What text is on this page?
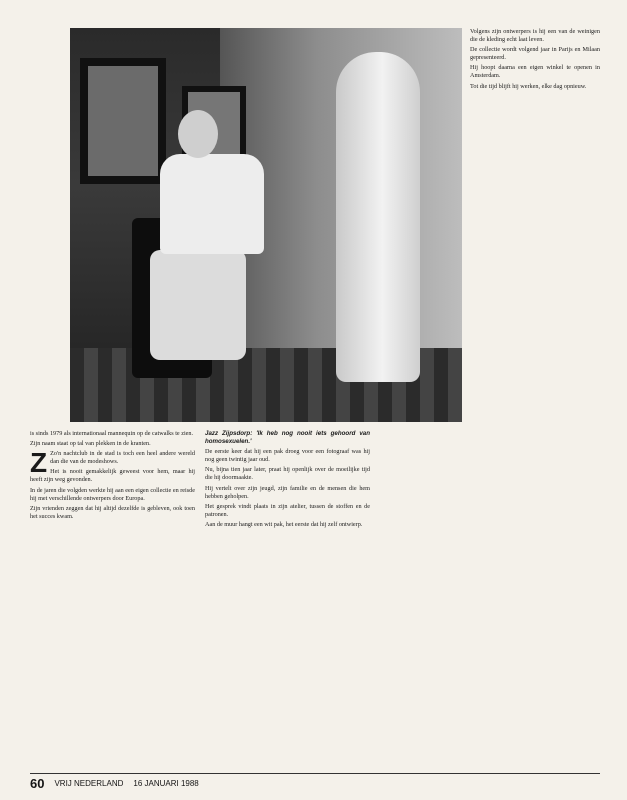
is sinds 1979 als internationaal mannequin op de catwalks te zien.

Zijn naam staat op tal van plekken in de kranten.

Z Zo'n nachtclub in de stad is toch een heel andere wereld dan die van de modeshows.

Het is nooit gemakkelijk geweest voor hem, maar hij heeft zijn weg gevonden.

In de jaren die volgden werkte hij aan een eigen collectie en reisde hij met verschillende ontwerpers door Europa.

Zijn vrienden zeggen dat hij altijd dezelfde is gebleven, ook toen het succes kwam.

Jazz Zijpsdorp: 'Ik heb nog nooit iets gehoord van homosexuelen.'

De eerste keer dat hij een pak droeg voor een fotograaf was hij nog geen twintig jaar oud.

Nu, bijna tien jaar later, praat hij openlijk over de moeilijke tijd die hij doormaakte.

Hij vertelt over zijn jeugd, zijn familie en de mensen die hem hebben geholpen.

Het gesprek vindt plaats in zijn atelier, tussen de stoffen en de patronen.

Aan de muur hangt een wit pak, het eerste dat hij zelf ontwierp.

Volgens zijn ontwerpers is hij een van de weinigen die de kleding echt laat leven.

De collectie wordt volgend jaar in Parijs en Milaan gepresenteerd.

Hij hoopt daarna een eigen winkel te openen in Amsterdam.

Tot die tijd blijft hij werken, elke dag opnieuw.

60 VRIJ NEDERLAND 16 JANUARI 1988
